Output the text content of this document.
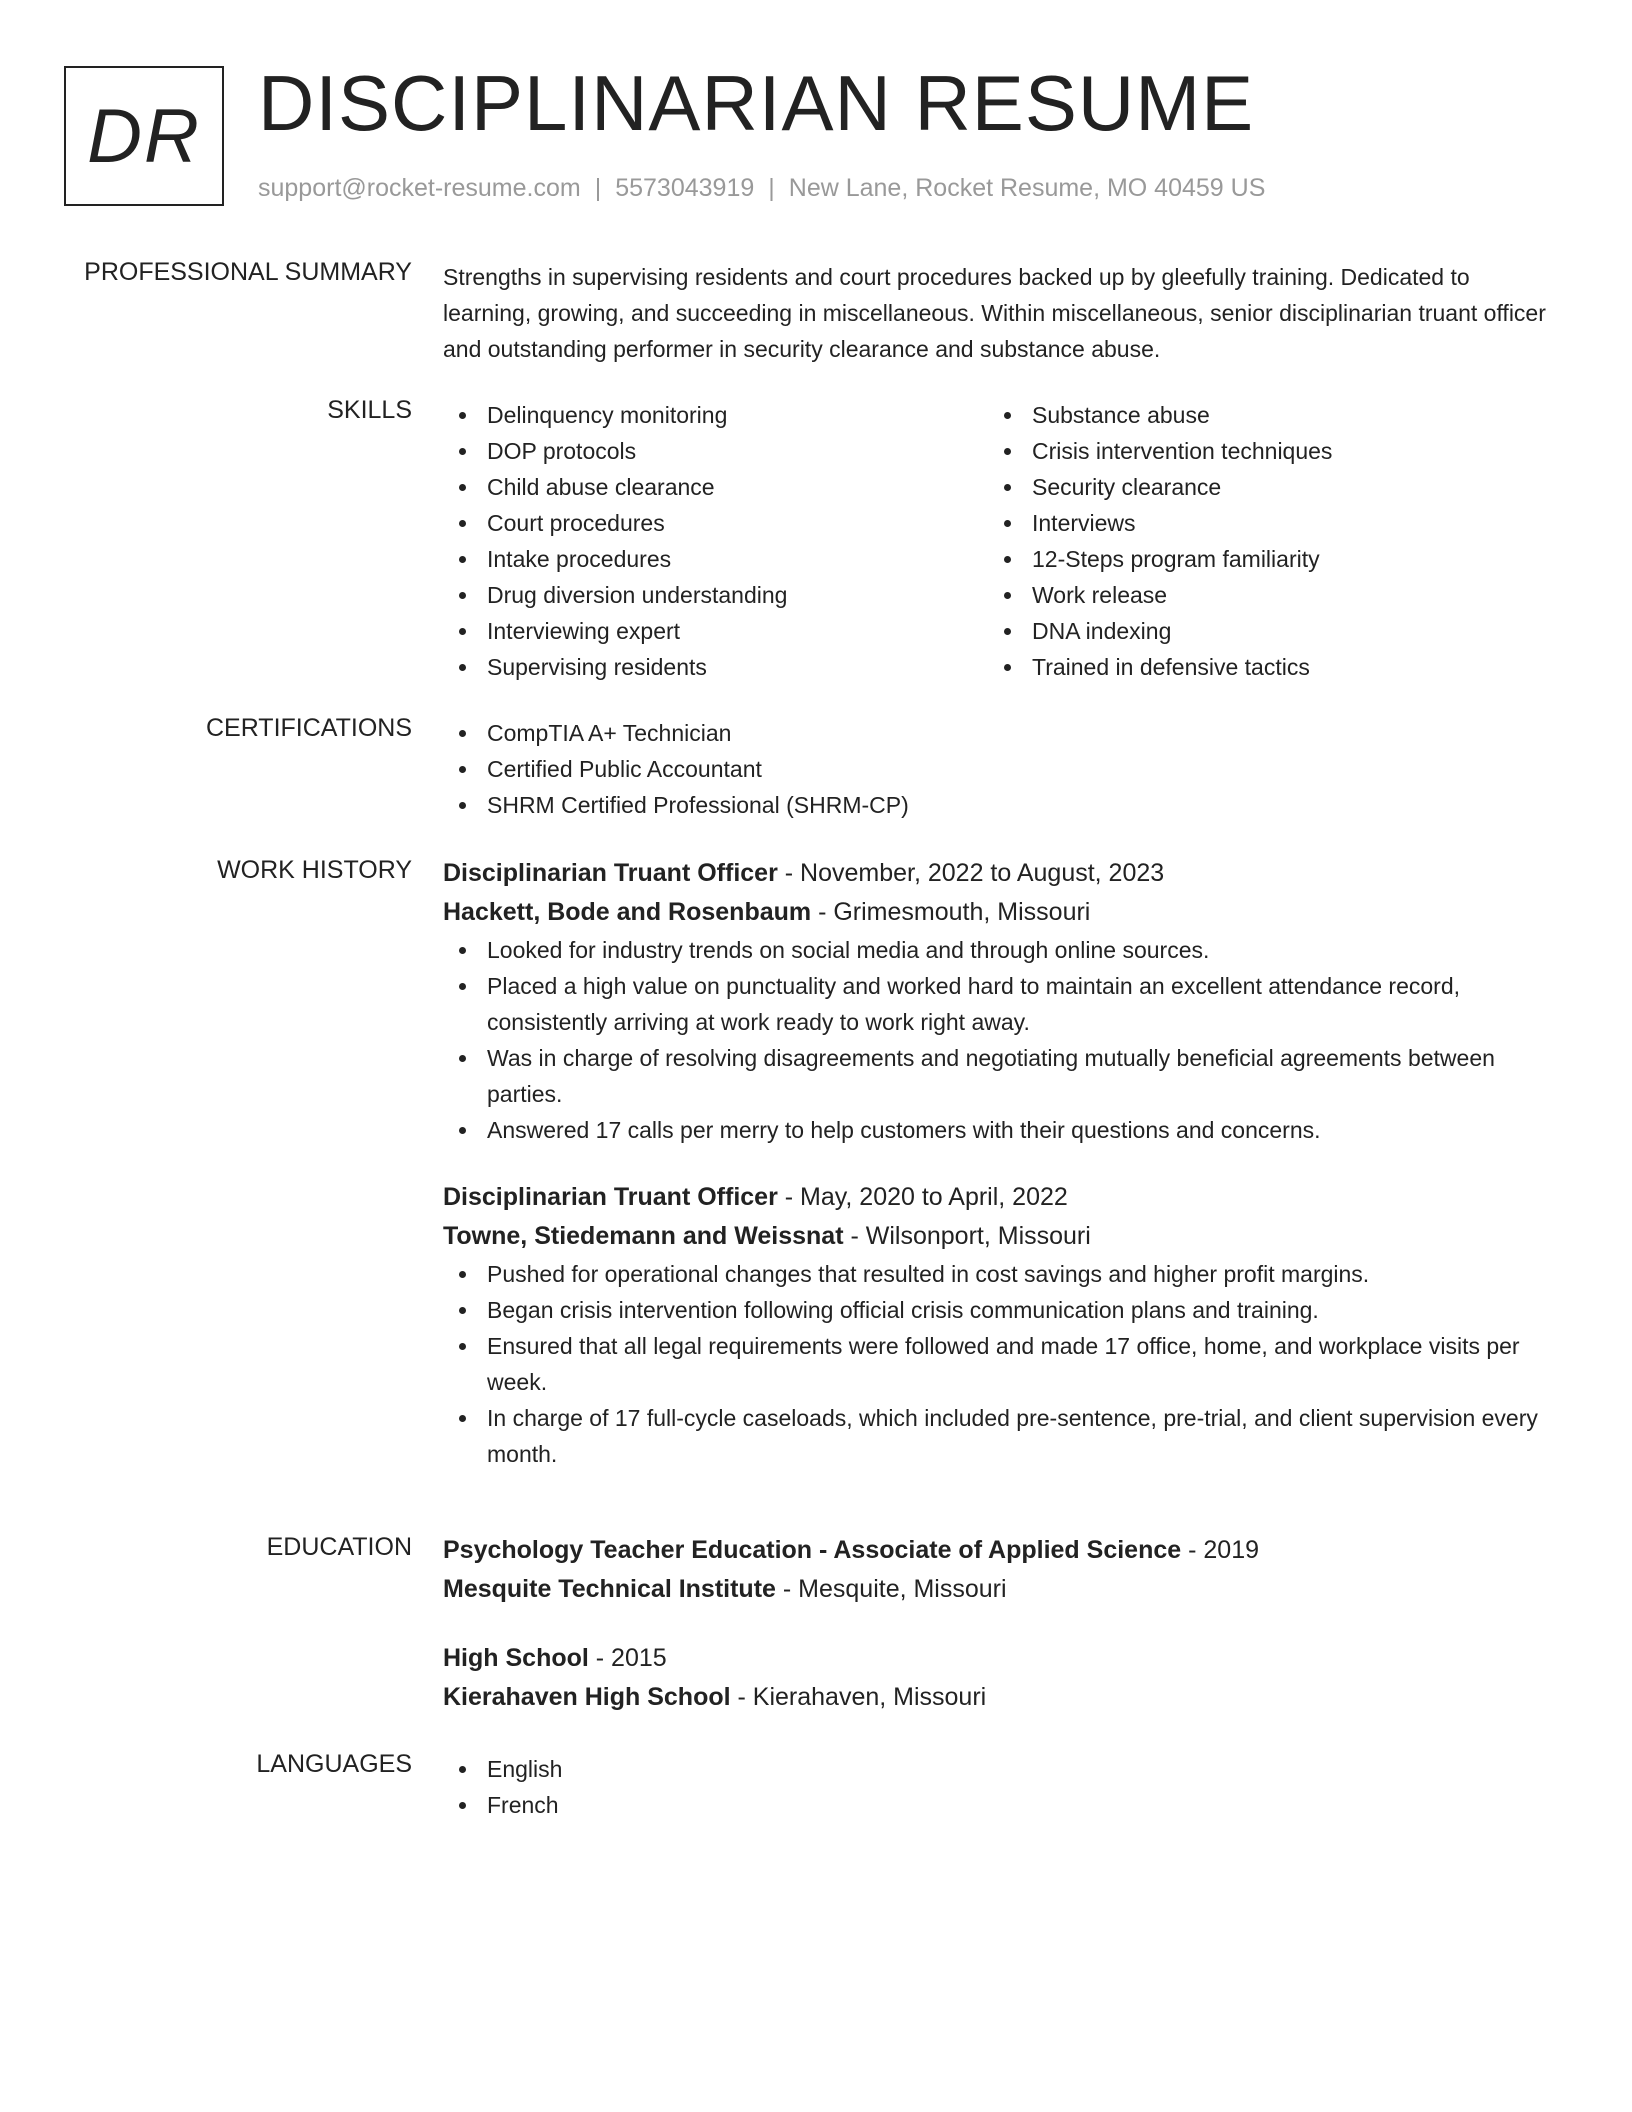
DR DISCIPLINARIAN RESUME
support@rocket-resume.com | 5573043919 | New Lane, Rocket Resume, MO 40459 US
PROFESSIONAL SUMMARY Strengths in supervising residents and court procedures backed up by gleefully training. Dedicated to learning, growing, and succeeding in miscellaneous. Within miscellaneous, senior disciplinarian truant officer and outstanding performer in security clearance and substance abuse.

SKILLS	Delinquency monitoring
DOP protocols
Child abuse clearance
Court procedures
Intake procedures
Drug diversion understanding
Interviewing expert
Supervising residents
Substance abuse
Crisis intervention techniques
Security clearance
Interviews
12-Steps program familiarity
Work release
DNA indexing
Trained in defensive tactics
CERTIFICATIONS	CompTIA A+ Technician
Certified Public Accountant
SHRM Certified Professional (SHRM-CP)
WORK HISTORY Disciplinarian Truant Officer - November, 2022 to August, 2023
Hackett, Bode and Rosenbaum - Grimesmouth, Missouri
Looked for industry trends on social media and through online sources.
Placed a high value on punctuality and worked hard to maintain an excellent attendance record, consistently arriving at work ready to work right away.
Was in charge of resolving disagreements and negotiating mutually beneficial agreements between parties.
Answered 17 calls per merry to help customers with their questions and concerns.
Disciplinarian Truant Officer - May, 2020 to April, 2022
Towne, Stiedemann and Weissnat - Wilsonport, Missouri
Pushed for operational changes that resulted in cost savings and higher profit margins.
Began crisis intervention following official crisis communication plans and training.
Ensured that all legal requirements were followed and made 17 office, home, and workplace visits per week.
In charge of 17 full-cycle caseloads, which included pre-sentence, pre-trial, and client supervision every month.
EDUCATION Psychology Teacher Education - Associate of Applied Science - 2019
Mesquite Technical Institute - Mesquite, Missouri
High School - 2015
Kierahaven High School - Kierahaven, Missouri
LANGUAGES	English
French
